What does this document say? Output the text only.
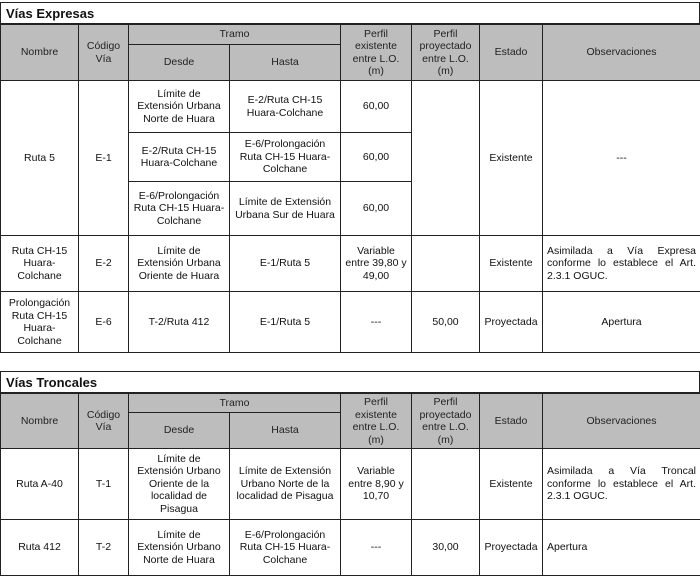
Vías Expresas
Nombre	Código Vía	Tramo		Perfil existente entre L.O. (m)	Perfil proyectado entre L.O. (m)	Estado	Observaciones
		Desde	Hasta				
Ruta 5	E-1	Límite de Extensión Urbana Norte de Huara	E-2/Ruta CH-15 Huara-Colchane	60,00		Existente	---
		E-2/Ruta CH-15 Huara-Colchane	E-6/Prolongación Ruta CH-15 Huara-Colchane	60,00			
		E-6/Prolongación Ruta CH-15 Huara-Colchane	Límite de Extensión Urbana Sur de Huara	60,00			
Ruta CH-15 Huara-Colchane	E-2	Límite de Extensión Urbana Oriente de Huara	E-1/Ruta 5	Variable entre 39,80 y 49,00		Existente	Asimilada a Vía Expresa conforme lo establece el Art. 2.3.1 OGUC.
Prolongación Ruta CH-15 Huara-Colchane	E-6	T-2/Ruta 412	E-1/Ruta 5	---	50,00	Proyectada	Apertura
Vías Troncales
Nombre	Código Vía	Tramo		Perfil existente entre L.O. (m)	Perfil proyectado entre L.O. (m)	Estado	Observaciones
		Desde	Hasta				
Ruta A-40	T-1	Límite de Extensión Urbano Oriente de la localidad de Pisagua	Límite de Extensión Urbano Norte de la localidad de Pisagua	Variable entre 8,90 y 10,70		Existente	Asimilada a Vía Troncal conforme lo establece el Art. 2.3.1 OGUC.
Ruta 412	T-2	Límite de Extensión Urbano Norte de Huara	E-6/Prolongación Ruta CH-15 Huara-Colchane	---	30,00	Proyectada	Apertura
